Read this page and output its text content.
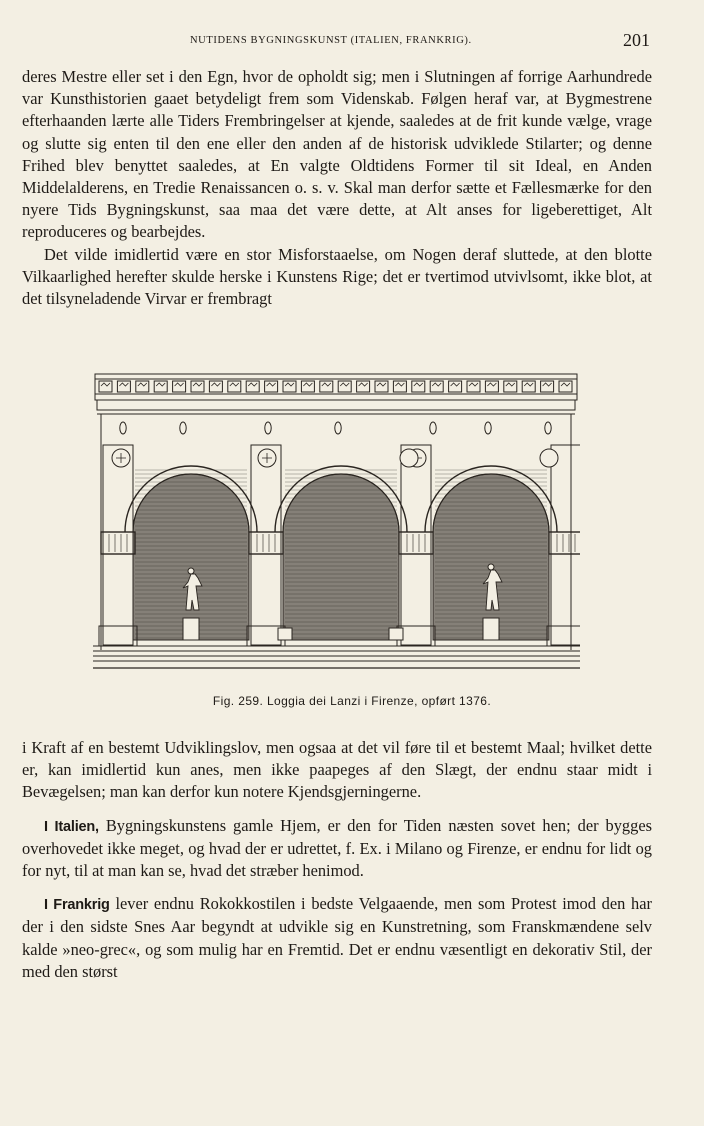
NUTIDENS BYGNINGSKUNST (ITALIEN, FRANKRIG).	201

deres Mestre eller set i den Egn, hvor de opholdt sig; men i Slutningen af forrige Aarhundrede var Kunsthistorien gaaet betydeligt frem som Videnskab. Følgen heraf var, at Bygmestrene efterhaanden lærte alle Tiders Frembringelser at kjende, saaledes at de frit kunde vælge, vrage og slutte sig enten til den ene eller den anden af de historisk udviklede Stilarter; og denne Frihed blev benyttet saaledes, at En valgte Oldtidens Former til sit Ideal, en Anden Middelalderens, en Tredie Renaissancen o. s. v. Skal man derfor sætte et Fællesmærke for den nyere Tids Bygningskunst, saa maa det være dette, at Alt anses for ligeberettiget, Alt reproduceres og bearbejdes.

Det vilde imidlertid være en stor Misforstaaelse, om Nogen deraf sluttede, at den blotte Vilkaarlighed herefter skulde herske i Kunstens Rige; det er tvertimod utvivlsomt, ikke blot, at det tilsyneladende Virvar er frembragt

Fig. 259. Loggia dei Lanzi i Firenze, opført 1376.

i Kraft af en bestemt Udviklingslov, men ogsaa at det vil føre til et bestemt Maal; hvilket dette er, kan imidlertid kun anes, men ikke paapeges af den Slægt, der endnu staar midt i Bevægelsen; man kan derfor kun notere Kjendsgjerningerne.

I Italien, Bygningskunstens gamle Hjem, er den for Tiden næsten sovet hen; der bygges overhovedet ikke meget, og hvad der er udrettet, f. Ex. i Milano og Firenze, er endnu for lidt og for nyt, til at man kan se, hvad det stræber henimod.

I Frankrig lever endnu Rokokkostilen i bedste Velgaaende, men som Protest imod den har der i den sidste Snes Aar begyndt at udvikle sig en Kunstretning, som Franskmændene selv kalde »neo-grec«, og som mulig har en Fremtid. Det er endnu væsentligt en dekorativ Stil, der med den størst
